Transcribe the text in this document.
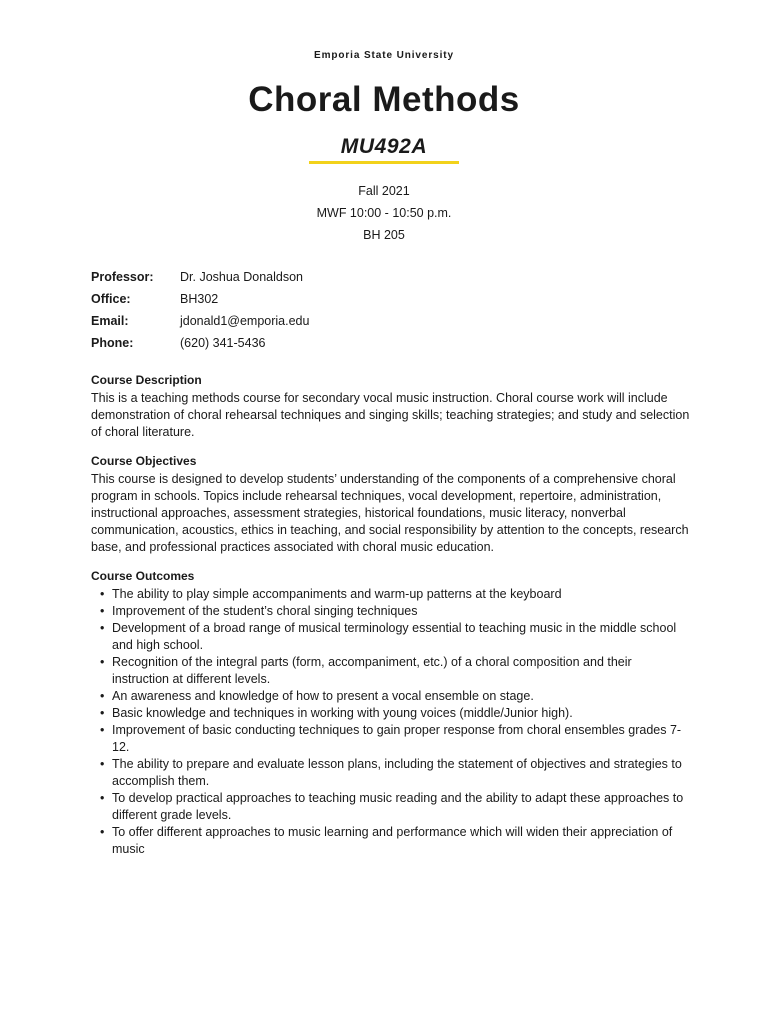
Emporia State University
Choral Methods
MU492A
Fall 2021
MWF 10:00 - 10:50 p.m.
BH 205
Professor:	Dr. Joshua Donaldson
Office:	BH302
Email:	jdonald1@emporia.edu
Phone:	(620) 341-5436
Course Description

This is a teaching methods course for secondary vocal music instruction. Choral course work will include demonstration of choral rehearsal techniques and singing skills; teaching strategies; and study and selection of choral literature.

Course Objectives

This course is designed to develop students’ understanding of the components of a comprehensive choral program in schools. Topics include rehearsal techniques, vocal development, repertoire, administration, instructional approaches, assessment strategies, historical foundations, music literacy, nonverbal communication, acoustics, ethics in teaching, and social responsibility by attention to the concepts, research base, and professional practices associated with choral music education.

Course Outcomes
• The ability to play simple accompaniments and warm-up patterns at the keyboard
• Improvement of the student’s choral singing techniques
• Development of a broad range of musical terminology essential to teaching music in the middle school and high school.
• Recognition of the integral parts (form, accompaniment, etc.) of a choral composition and their instruction at different levels.
• An awareness and knowledge of how to present a vocal ensemble on stage.
• Basic knowledge and techniques in working with young voices (middle/Junior high).
• Improvement of basic conducting techniques to gain proper response from choral ensembles grades 7-12.
• The ability to prepare and evaluate lesson plans, including the statement of objectives and strategies to accomplish them.
• To develop practical approaches to teaching music reading and the ability to adapt these approaches to different grade levels.
• To offer different approaches to music learning and performance which will widen their appreciation of music
